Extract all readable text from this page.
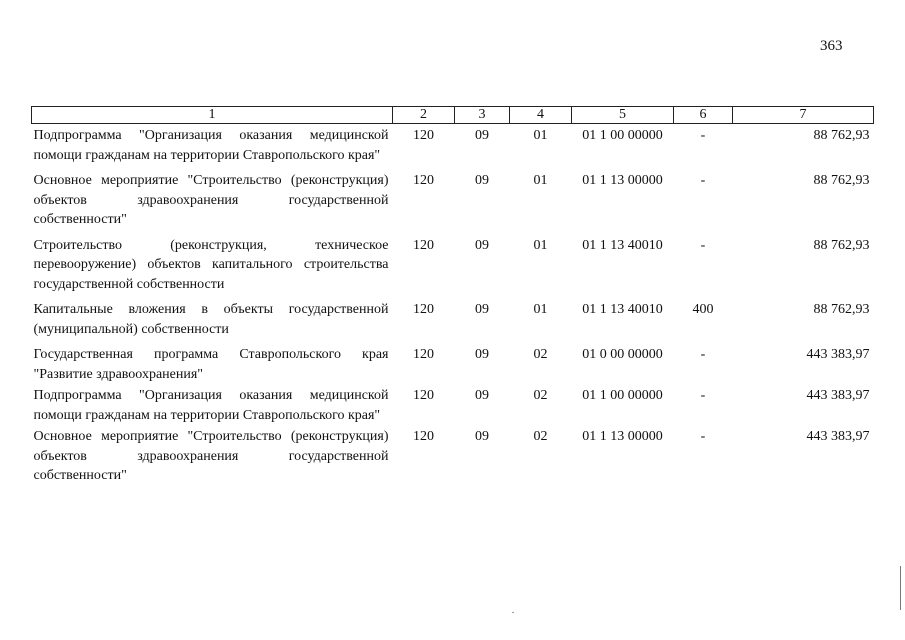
363
1	2	3	4	5	6	7
Подпрограмма "Организация оказания медицинской помощи гражданам на территории Ставропольского края"	120	09	01	01 1 00 00000	-	88 762,93
Основное мероприятие "Строительство (реконструкция) объектов здравоохранения государственной собственности"	120	09	01	01 1 13 00000	-	88 762,93
Строительство (реконструкция, техническое перевооружение) объектов капитального строительства государственной собственности	120	09	01	01 1 13 40010	-	88 762,93
Капитальные вложения в объекты государственной (муниципальной) собственности	120	09	01	01 1 13 40010	400	88 762,93
Государственная программа Ставропольского края "Развитие здравоохранения"	120	09	02	01 0 00 00000	-	443 383,97
Подпрограмма "Организация оказания медицинской помощи гражданам на территории Ставропольского края"	120	09	02	01 1 00 00000	-	443 383,97
Основное мероприятие "Строительство (реконструкция) объектов здравоохранения государственной собственности"	120	09	02	01 1 13 00000	-	443 383,97
